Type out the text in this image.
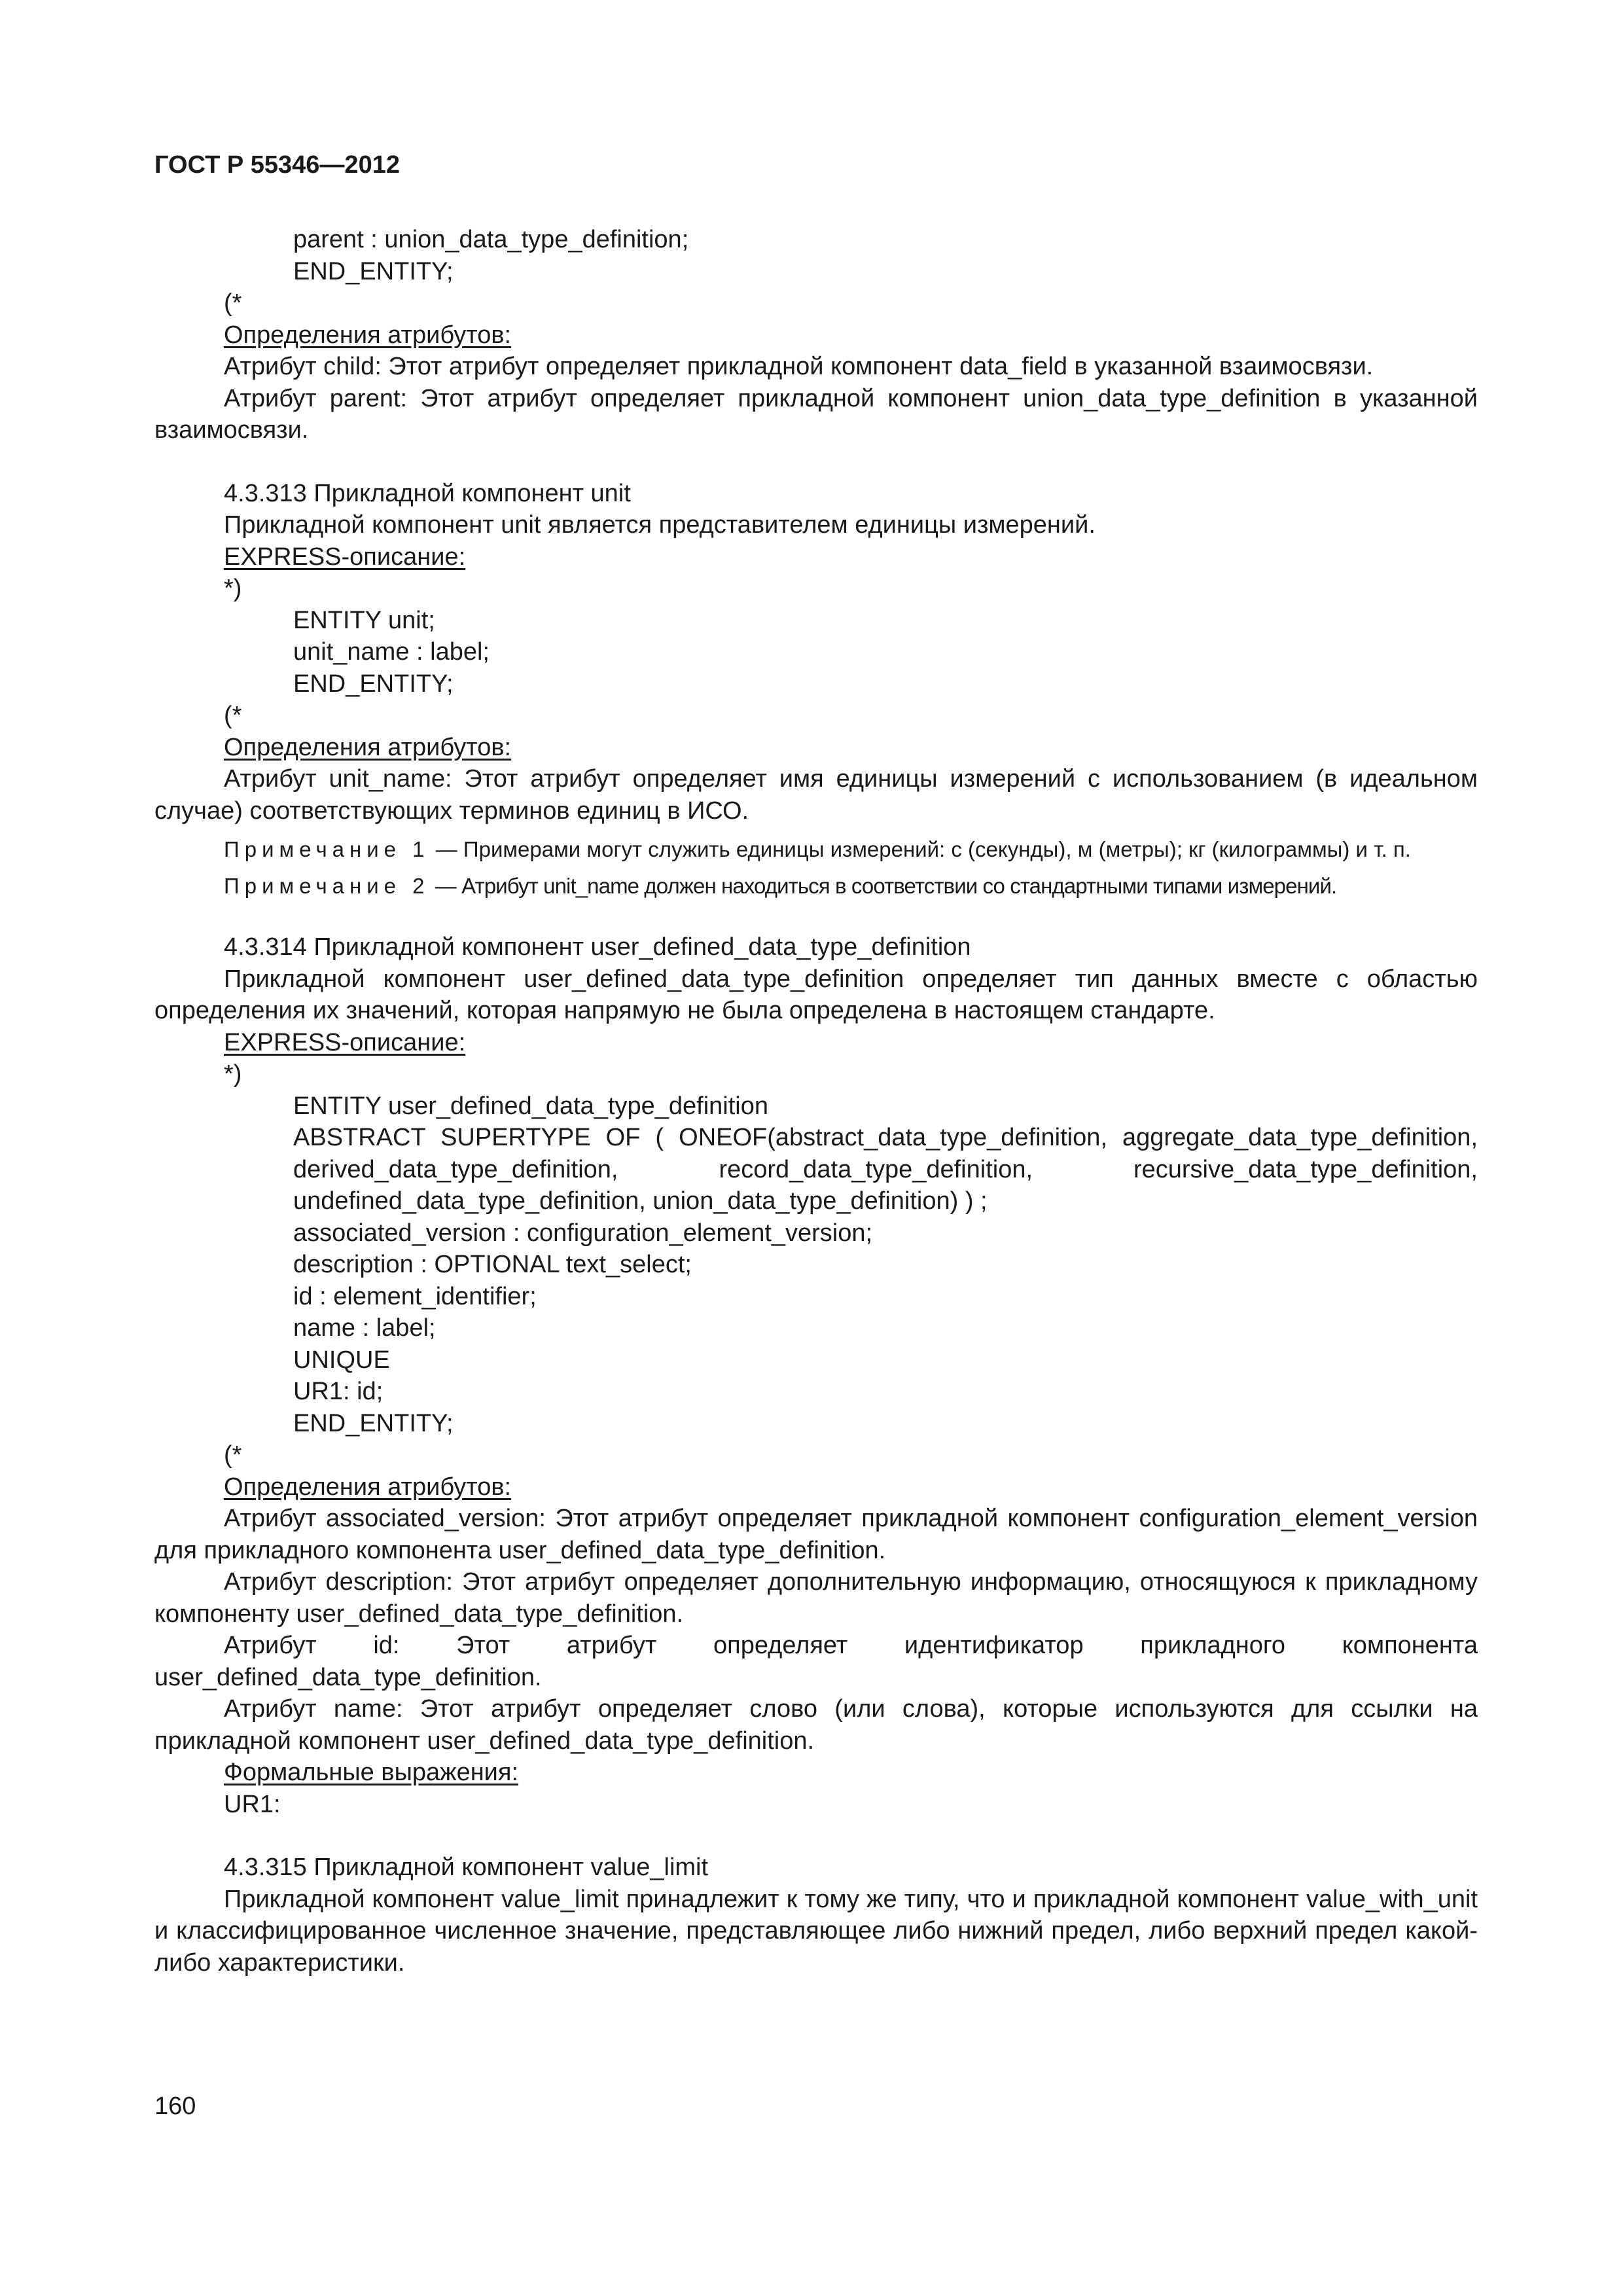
ГОСТ Р 55346—2012

parent : union_data_type_definition;

END_ENTITY;

(*

Определения атрибутов:

Атрибут child: Этот атрибут определяет прикладной компонент data_field в указанной взаимосвязи.

Атрибут parent: Этот атрибут определяет прикладной компонент union_data_type_definition в указанной взаимосвязи.

4.3.313 Прикладной компонент unit

Прикладной компонент unit является представителем единицы измерений.

EXPRESS-описание:

*)

ENTITY unit;

unit_name : label;

END_ENTITY;

(*

Определения атрибутов:

Атрибут unit_name: Этот атрибут определяет имя единицы измерений с использованием (в идеальном случае) соответствующих терминов единиц в ИСО.

Примечание 1 — Примерами могут служить единицы измерений: с (секунды), м (метры); кг (килограммы) и т. п.

Примечание 2 — Атрибут unit_name должен находиться в соответствии со стандартными типами измерений.

4.3.314 Прикладной компонент user_defined_data_type_definition

Прикладной компонент user_defined_data_type_definition определяет тип данных вместе с областью определения их значений, которая напрямую не была определена в настоящем стандарте.

EXPRESS-описание:

*)

ENTITY user_defined_data_type_definition

ABSTRACT SUPERTYPE OF ( ONEOF(abstract_data_type_definition, aggregate_data_type_definition, derived_data_type_definition, record_data_type_definition, recursive_data_type_definition, undefined_data_type_definition, union_data_type_definition) ) ;

associated_version : configuration_element_version;

description : OPTIONAL text_select;

id : element_identifier;

name : label;

UNIQUE

UR1: id;

END_ENTITY;

(*

Определения атрибутов:

Атрибут associated_version: Этот атрибут определяет прикладной компонент configuration_element_version для прикладного компонента user_defined_data_type_definition.

Атрибут description: Этот атрибут определяет дополнительную информацию, относящуюся к прикладному компоненту user_defined_data_type_definition.

Атрибут id: Этот атрибут определяет идентификатор прикладного компонента user_defined_data_type_definition.

Атрибут name: Этот атрибут определяет слово (или слова), которые используются для ссылки на прикладной компонент user_defined_data_type_definition.

Формальные выражения:

UR1:

4.3.315 Прикладной компонент value_limit

Прикладной компонент value_limit принадлежит к тому же типу, что и прикладной компонент value_with_unit и классифицированное численное значение, представляющее либо нижний предел, либо верхний предел какой-либо характеристики.

160
